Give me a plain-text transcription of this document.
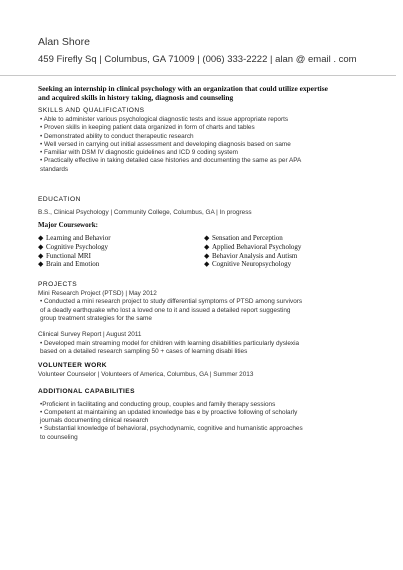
Alan Shore
459 Firefly Sq | Columbus, GA 71009 | (006) 333-2222 | alan @ email . com
Seeking an internship in clinical psychology with an organization that could utilize expertise
and acquired skills in history taking, diagnosis and counseling
SKILLS AND QUALIFICATIONS

• Able to administer various psychological diagnostic tests and issue appropriate reports

• Proven skills in keeping patient data organized in form of charts and tables

• Demonstrated ability to conduct therapeutic research

• Well versed in carrying out initial assessment and developing diagnosis based on same

• Familiar with DSM IV diagnostic guidelines and ICD 9 coding system

• Practically effective in taking detailed case histories and documenting the same as per APA

standards

EDUCATION

B.S., Clinical Psychology | Community College, Columbus, GA | In progress

Major Coursework:
◆ Learning and Behavior	◆ Sensation and Perception
◆ Cognitive Psychology	◆ Applied Behavioral Psychology
◆ Functional MRI	◆ Behavior Analysis and Autism
◆ Brain and Emotion	◆ Cognitive Neuropsychology
PROJECTS

Mini Research Project (PTSD) | May 2012

• Conducted a mini research project to study differential symptoms of PTSD among survivors

of a deadly earthquake who lost a loved one to it and issued a detailed report suggesting

group treatment strategies for the same

Clinical Survey Report | August 2011

• Developed main streaming model for children with learning disabilities particularly dyslexia

based on a detailed research sampling 50 + cases of learning disabi lities

VOLUNTEER WORK

Volunteer Counselor | Volunteers of America, Columbus, GA | Summer 2013

ADDITIONAL CAPABILITIES

•Proficient in facilitating and conducting group, couples and family therapy sessions

• Competent at maintaining an updated knowledge bas e by proactive following of scholarly

journals documenting clinical research

• Substantial knowledge of behavioral, psychodynamic, cognitive and humanistic approaches

to counseling
